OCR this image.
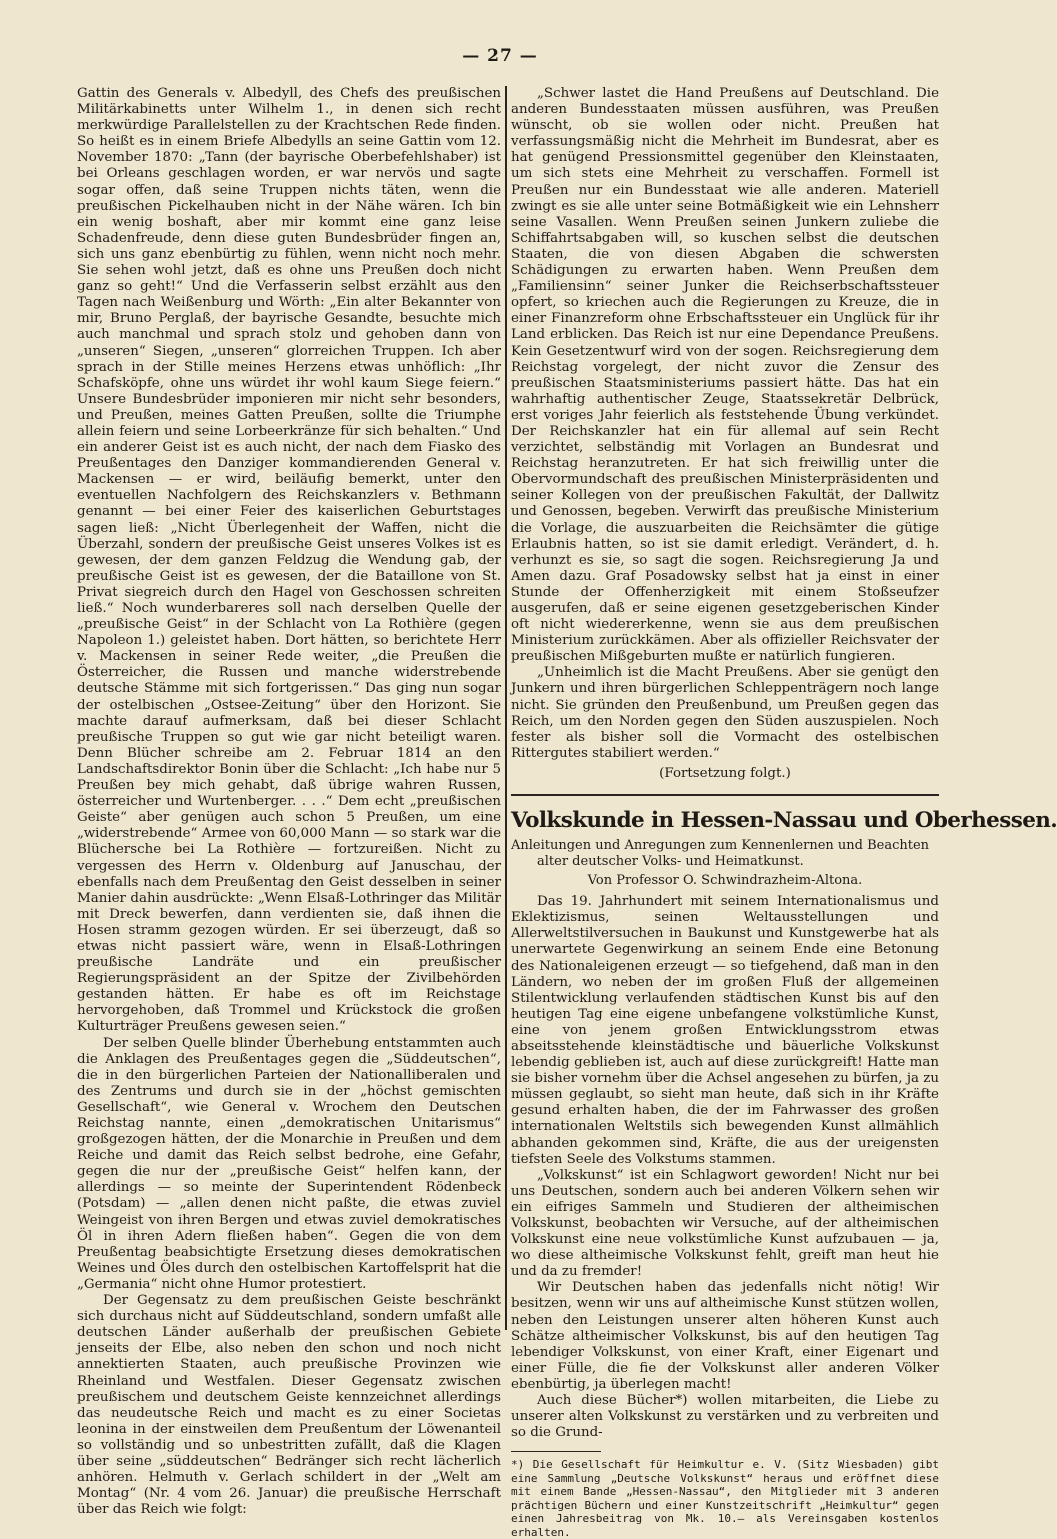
— 27 —

Gattin des Generals v. Albedyll, des Chefs des preußischen Militärkabinetts unter Wilhelm 1., in denen sich recht merkwürdige Parallelstellen zu der Krachtschen Rede finden. So heißt es in einem Briefe Albedylls an seine Gattin vom 12. November 1870: „Tann (der bayrische Oberbefehlshaber) ist bei Orleans geschlagen worden, er war nervös und sagte sogar offen, daß seine Truppen nichts täten, wenn die preußischen Pickelhauben nicht in der Nähe wären. Ich bin ein wenig boshaft, aber mir kommt eine ganz leise Schadenfreude, denn diese guten Bundesbrüder fingen an, sich uns ganz ebenbürtig zu fühlen, wenn nicht noch mehr. Sie sehen wohl jetzt, daß es ohne uns Preußen doch nicht ganz so geht!“ Und die Verfasserin selbst erzählt aus den Tagen nach Weißenburg und Wörth: „Ein alter Bekannter von mir, Bruno Perglaß, der bayrische Gesandte, besuchte mich auch manchmal und sprach stolz und gehoben dann von „unseren“ Siegen, „unseren“ glorreichen Truppen. Ich aber sprach in der Stille meines Herzens etwas unhöflich: „Ihr Schafsköpfe, ohne uns würdet ihr wohl kaum Siege feiern.“ Unsere Bundesbrüder imponieren mir nicht sehr besonders, und Preußen, meines Gatten Preußen, sollte die Triumphe allein feiern und seine Lorbeerkränze für sich behalten.“ Und ein anderer Geist ist es auch nicht, der nach dem Fiasko des Preußentages den Danziger kommandierenden General v. Mackensen — er wird, beiläufig bemerkt, unter den eventuellen Nachfolgern des Reichskanzlers v. Bethmann genannt — bei einer Feier des kaiserlichen Geburtstages sagen ließ: „Nicht Überlegenheit der Waffen, nicht die Überzahl, sondern der preußische Geist unseres Volkes ist es gewesen, der dem ganzen Feldzug die Wendung gab, der preußische Geist ist es gewesen, der die Bataillone von St. Privat siegreich durch den Hagel von Geschossen schreiten ließ.“ Noch wunderbareres soll nach derselben Quelle der „preußische Geist“ in der Schlacht von La Rothière (gegen Napoleon 1.) geleistet haben. Dort hätten, so berichtete Herr v. Mackensen in seiner Rede weiter, „die Preußen die Österreicher, die Russen und manche widerstrebende deutsche Stämme mit sich fortgerissen.“ Das ging nun sogar der ostelbischen „Ostsee-Zeitung“ über den Horizont. Sie machte darauf aufmerksam, daß bei dieser Schlacht preußische Truppen so gut wie gar nicht beteiligt waren. Denn Blücher schreibe am 2. Februar 1814 an den Landschaftsdirektor Bonin über die Schlacht: „Ich habe nur 5 Preußen bey mich gehabt, daß übrige wahren Russen, österreicher und Wurtenberger. . . .“ Dem echt „preußischen Geiste“ aber genügen auch schon 5 Preußen, um eine „widerstrebende“ Armee von 60,000 Mann — so stark war die Blüchersche bei La Rothière — fortzureißen. Nicht zu vergessen des Herrn v. Oldenburg auf Januschau, der ebenfalls nach dem Preußentag den Geist desselben in seiner Manier dahin ausdrückte: „Wenn Elsaß-Lothringer das Militär mit Dreck bewerfen, dann verdienten sie, daß ihnen die Hosen stramm gezogen würden. Er sei überzeugt, daß so etwas nicht passiert wäre, wenn in Elsaß-Lothringen preußische Landräte und ein preußischer Regierungspräsident an der Spitze der Zivilbehörden gestanden hätten. Er habe es oft im Reichstage hervorgehoben, daß Trommel und Krückstock die großen Kulturträger Preußens gewesen seien.“

Der selben Quelle blinder Überhebung entstammten auch die Anklagen des Preußentages gegen die „Süddeutschen“, die in den bürgerlichen Parteien der Nationalliberalen und des Zentrums und durch sie in der „höchst gemischten Gesellschaft“, wie General v. Wrochem den Deutschen Reichstag nannte, einen „demokratischen Unitarismus“ großgezogen hätten, der die Monarchie in Preußen und dem Reiche und damit das Reich selbst bedrohe, eine Gefahr, gegen die nur der „preußische Geist“ helfen kann, der allerdings — so meinte der Superintendent Rödenbeck (Potsdam) — „allen denen nicht paßte, die etwas zuviel Weingeist von ihren Bergen und etwas zuviel demokratisches Öl in ihren Adern fließen haben“. Gegen die von dem Preußentag beabsichtigte Ersetzung dieses demokratischen Weines und Öles durch den ostelbischen Kartoffelsprit hat die „Germania“ nicht ohne Humor protestiert.

Der Gegensatz zu dem preußischen Geiste beschränkt sich durchaus nicht auf Süddeutschland, sondern umfaßt alle deutschen Länder außerhalb der preußischen Gebiete jenseits der Elbe, also neben den schon und noch nicht annektierten Staaten, auch preußische Provinzen wie Rheinland und Westfalen. Dieser Gegensatz zwischen preußischem und deutschem Geiste kennzeichnet allerdings das neudeutsche Reich und macht es zu einer Societas leonina in der einstweilen dem Preußentum der Löwenanteil so vollständig und so unbestritten zufällt, daß die Klagen über seine „süddeutschen“ Bedränger sich recht lächerlich anhören. Helmuth v. Gerlach schildert in der „Welt am Montag“ (Nr. 4 vom 26. Januar) die preußische Herrschaft über das Reich wie folgt:

„Schwer lastet die Hand Preußens auf Deutschland. Die anderen Bundesstaaten müssen ausführen, was Preußen wünscht, ob sie wollen oder nicht. Preußen hat verfassungsmäßig nicht die Mehrheit im Bundesrat, aber es hat genügend Pressionsmittel gegenüber den Kleinstaaten, um sich stets eine Mehrheit zu verschaffen. Formell ist Preußen nur ein Bundesstaat wie alle anderen. Materiell zwingt es sie alle unter seine Botmäßigkeit wie ein Lehnsherr seine Vasallen. Wenn Preußen seinen Junkern zuliebe die Schiffahrtsabgaben will, so kuschen selbst die deutschen Staaten, die von diesen Abgaben die schwersten Schädigungen zu erwarten haben. Wenn Preußen dem „Familiensinn“ seiner Junker die Reichserbschaftssteuer opfert, so kriechen auch die Regierungen zu Kreuze, die in einer Finanzreform ohne Erbschaftssteuer ein Unglück für ihr Land erblicken. Das Reich ist nur eine Dependance Preußens. Kein Gesetzentwurf wird von der sogen. Reichsregierung dem Reichstag vorgelegt, der nicht zuvor die Zensur des preußischen Staatsministeriums passiert hätte. Das hat ein wahrhaftig authentischer Zeuge, Staatssekretär Delbrück, erst voriges Jahr feierlich als feststehende Übung verkündet. Der Reichskanzler hat ein für allemal auf sein Recht verzichtet, selbständig mit Vorlagen an Bundesrat und Reichstag heranzutreten. Er hat sich freiwillig unter die Obervormundschaft des preußischen Ministerpräsidenten und seiner Kollegen von der preußischen Fakultät, der Dallwitz und Genossen, begeben. Verwirft das preußische Ministerium die Vorlage, die auszuarbeiten die Reichsämter die gütige Erlaubnis hatten, so ist sie damit erledigt. Verändert, d. h. verhunzt es sie, so sagt die sogen. Reichsregierung Ja und Amen dazu. Graf Posadowsky selbst hat ja einst in einer Stunde der Offenherzigkeit mit einem Stoßseufzer ausgerufen, daß er seine eigenen gesetzgeberischen Kinder oft nicht wiedererkenne, wenn sie aus dem preußischen Ministerium zurückkämen. Aber als offizieller Reichsvater der preußischen Mißgeburten mußte er natürlich fungieren.

„Unheimlich ist die Macht Preußens. Aber sie genügt den Junkern und ihren bürgerlichen Schleppenträgern noch lange nicht. Sie gründen den Preußenbund, um Preußen gegen das Reich, um den Norden gegen den Süden auszuspielen. Noch fester als bisher soll die Vormacht des ostelbischen Rittergutes stabiliert werden.“

(Fortsetzung folgt.)

Volkskunde in Hessen-Nassau und Oberhessen.

Anleitungen und Anregungen zum Kennenlernen und Beachten

alter deutscher Volks- und Heimatkunst.

Von Professor O. Schwindrazheim-Altona.

Das 19. Jahrhundert mit seinem Internationalismus und Eklektizismus, seinen Weltausstellungen und Allerweltstilversuchen in Baukunst und Kunstgewerbe hat als unerwartete Gegenwirkung an seinem Ende eine Betonung des Nationaleigenen erzeugt — so tiefgehend, daß man in den Ländern, wo neben der im großen Fluß der allgemeinen Stilentwicklung verlaufenden städtischen Kunst bis auf den heutigen Tag eine eigene unbefangene volkstümliche Kunst, eine von jenem großen Entwicklungsstrom etwas abseitsstehende kleinstädtische und bäuerliche Volkskunst lebendig geblieben ist, auch auf diese zurückgreift! Hatte man sie bisher vornehm über die Achsel angesehen zu bürfen, ja zu müssen geglaubt, so sieht man heute, daß sich in ihr Kräfte gesund erhalten haben, die der im Fahrwasser des großen internationalen Weltstils sich bewegenden Kunst allmählich abhanden gekommen sind, Kräfte, die aus der ureigensten tiefsten Seele des Volkstums stammen.

„Volkskunst“ ist ein Schlagwort geworden! Nicht nur bei uns Deutschen, sondern auch bei anderen Völkern sehen wir ein eifriges Sammeln und Studieren der altheimischen Volkskunst, beobachten wir Versuche, auf der altheimischen Volkskunst eine neue volkstümliche Kunst aufzubauen — ja, wo diese altheimische Volkskunst fehlt, greift man heut hie und da zu fremder!

Wir Deutschen haben das jedenfalls nicht nötig! Wir besitzen, wenn wir uns auf altheimische Kunst stützen wollen, neben den Leistungen unserer alten höheren Kunst auch Schätze altheimischer Volkskunst, bis auf den heutigen Tag lebendiger Volkskunst, von einer Kraft, einer Eigenart und einer Fülle, die fie der Volkskunst aller anderen Völker ebenbürtig, ja überlegen macht!

Auch diese Bücher*) wollen mitarbeiten, die Liebe zu unserer alten Volkskunst zu verstärken und zu verbreiten und so die Grund-

*) Die Gesellschaft für Heimkultur e. V. (Sitz Wiesbaden) gibt eine Sammlung „Deutsche Volkskunst“ heraus und eröffnet diese mit einem Bande „Hessen-Nassau“, den Mitglieder mit 3 anderen prächtigen Büchern und einer Kunstzeitschrift „Heimkultur“ gegen einen Jahresbeitrag von Mk. 10.— als Vereinsgaben kostenlos erhalten.
